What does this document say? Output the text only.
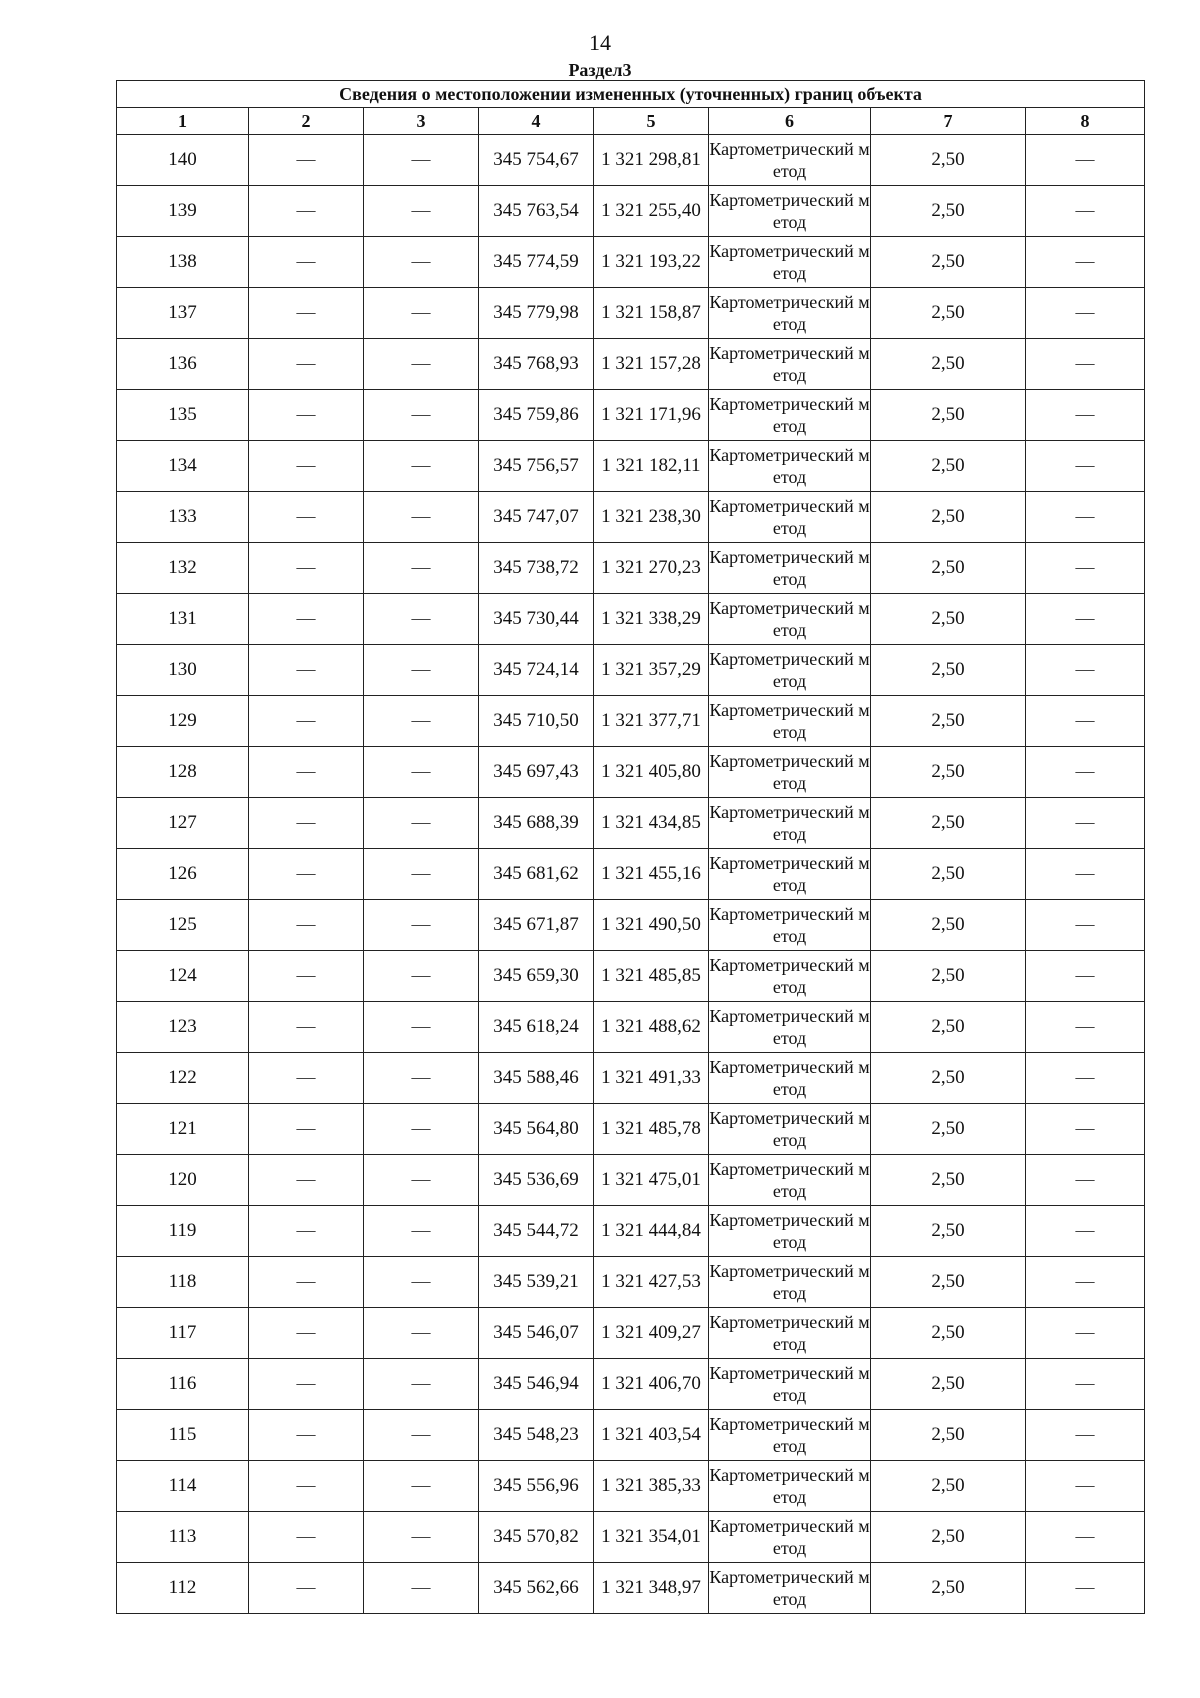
14
Раздел3
Сведения о местоположении измененных (уточненных) границ объекта							
1	2	3	4	5	6	7	8
140	—	—	345 754,67	1 321 298,81	Картометрический метод	2,50	—
139	—	—	345 763,54	1 321 255,40	Картометрический метод	2,50	—
138	—	—	345 774,59	1 321 193,22	Картометрический метод	2,50	—
137	—	—	345 779,98	1 321 158,87	Картометрический метод	2,50	—
136	—	—	345 768,93	1 321 157,28	Картометрический метод	2,50	—
135	—	—	345 759,86	1 321 171,96	Картометрический метод	2,50	—
134	—	—	345 756,57	1 321 182,11	Картометрический метод	2,50	—
133	—	—	345 747,07	1 321 238,30	Картометрический метод	2,50	—
132	—	—	345 738,72	1 321 270,23	Картометрический метод	2,50	—
131	—	—	345 730,44	1 321 338,29	Картометрический метод	2,50	—
130	—	—	345 724,14	1 321 357,29	Картометрический метод	2,50	—
129	—	—	345 710,50	1 321 377,71	Картометрический метод	2,50	—
128	—	—	345 697,43	1 321 405,80	Картометрический метод	2,50	—
127	—	—	345 688,39	1 321 434,85	Картометрический метод	2,50	—
126	—	—	345 681,62	1 321 455,16	Картометрический метод	2,50	—
125	—	—	345 671,87	1 321 490,50	Картометрический метод	2,50	—
124	—	—	345 659,30	1 321 485,85	Картометрический метод	2,50	—
123	—	—	345 618,24	1 321 488,62	Картометрический метод	2,50	—
122	—	—	345 588,46	1 321 491,33	Картометрический метод	2,50	—
121	—	—	345 564,80	1 321 485,78	Картометрический метод	2,50	—
120	—	—	345 536,69	1 321 475,01	Картометрический метод	2,50	—
119	—	—	345 544,72	1 321 444,84	Картометрический метод	2,50	—
118	—	—	345 539,21	1 321 427,53	Картометрический метод	2,50	—
117	—	—	345 546,07	1 321 409,27	Картометрический метод	2,50	—
116	—	—	345 546,94	1 321 406,70	Картометрический метод	2,50	—
115	—	—	345 548,23	1 321 403,54	Картометрический метод	2,50	—
114	—	—	345 556,96	1 321 385,33	Картометрический метод	2,50	—
113	—	—	345 570,82	1 321 354,01	Картометрический метод	2,50	—
112	—	—	345 562,66	1 321 348,97	Картометрический метод	2,50	—
